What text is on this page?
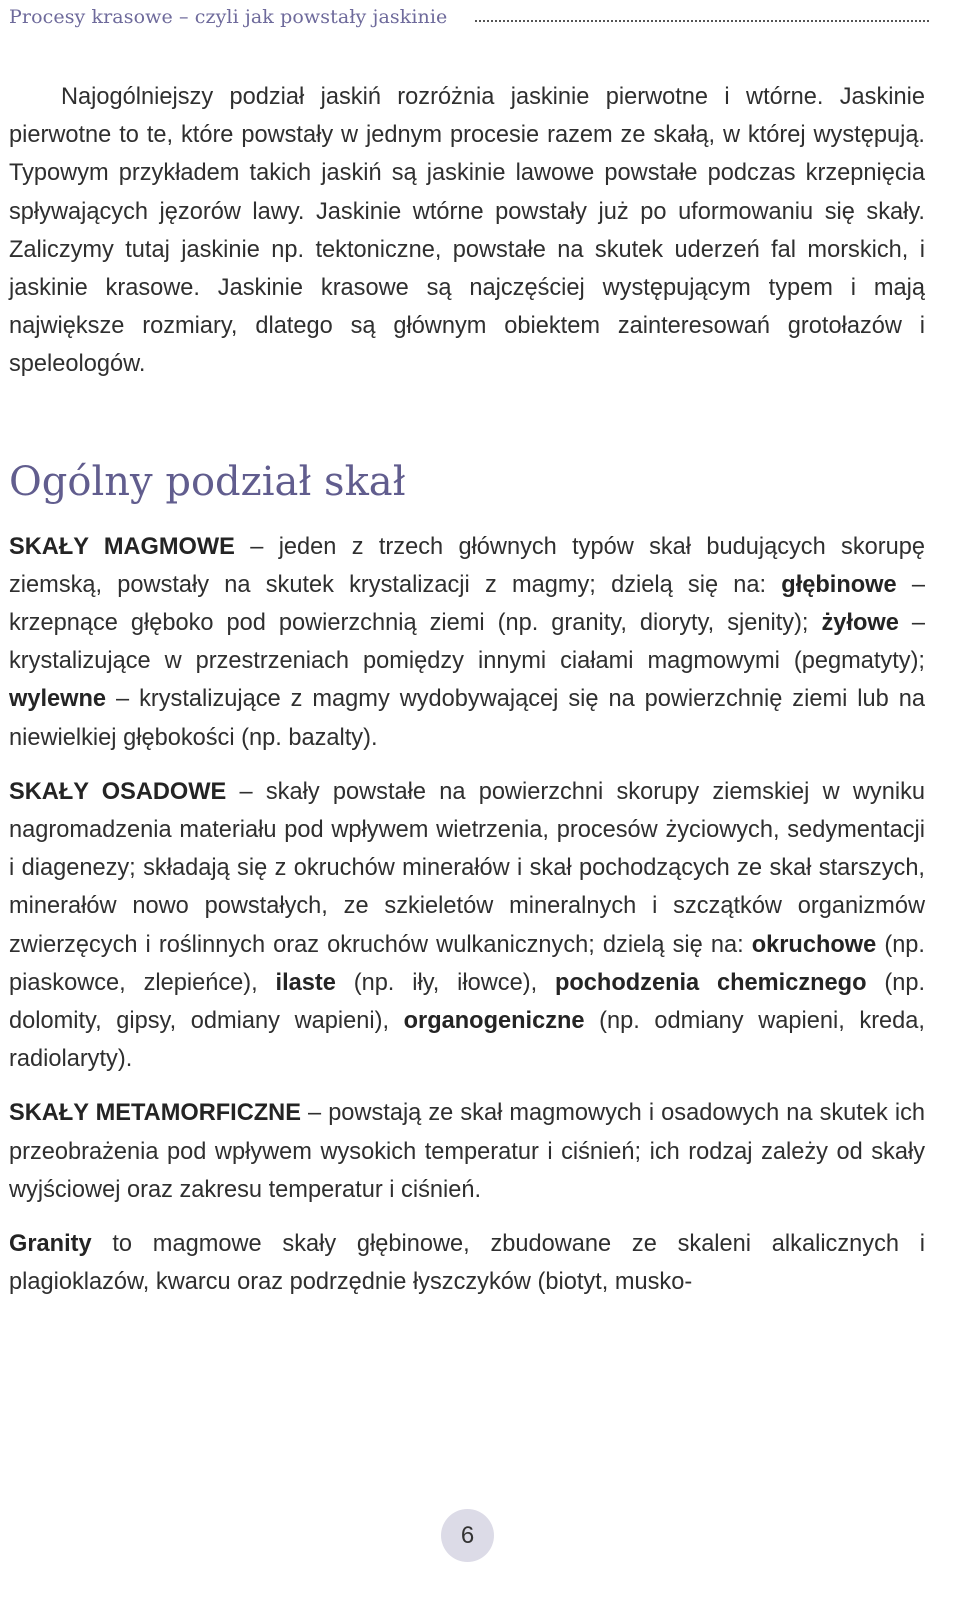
Procesy krasowe – czyli jak powstały jaskinie

Najogólniejszy podział jaskiń rozróżnia jaskinie pierwotne i wtórne. Jaskinie pierwotne to te, które powstały w jednym procesie razem ze skałą, w której występują. Typowym przykładem takich jaskiń są jaskinie lawowe powstałe podczas krzepnięcia spływających jęzorów lawy. Jaskinie wtórne powstały już po uformowaniu się skały. Zaliczymy tutaj jaskinie np. tektoniczne, powstałe na skutek uderzeń fal morskich, i jaskinie krasowe. Jaskinie krasowe są najczęściej występującym typem i mają największe rozmiary, dlatego są głównym obiektem zainteresowań grotołazów i speleologów.

Ogólny podział skał

SKAŁY MAGMOWE – jeden z trzech głównych typów skał budujących skorupę ziemską, powstały na skutek krystalizacji z magmy; dzielą się na: głębinowe – krzepnące głęboko pod powierzchnią ziemi (np. granity, dioryty, sjenity); żyłowe – krystalizujące w przestrzeniach pomiędzy innymi ciałami magmowymi (pegmatyty); wylewne – krystalizujące z magmy wydobywającej się na powierzchnię ziemi lub na niewielkiej głębokości (np. bazalty).

SKAŁY OSADOWE – skały powstałe na powierzchni skorupy ziemskiej w wyniku nagromadzenia materiału pod wpływem wietrzenia, procesów życiowych, sedymentacji i diagenezy; składają się z okruchów minerałów i skał pochodzących ze skał starszych, minerałów nowo powstałych, ze szkieletów mineralnych i szczątków organizmów zwierzęcych i roślinnych oraz okruchów wulkanicznych; dzielą się na: okruchowe (np. piaskowce, zlepieńce), ilaste (np. iły, iłowce), pochodzenia chemicznego (np. dolomity, gipsy, odmiany wapieni), organogeniczne (np. odmiany wapieni, kreda, radiolaryty).

SKAŁY METAMORFICZNE – powstają ze skał magmowych i osadowych na skutek ich przeobrażenia pod wpływem wysokich temperatur i ciśnień; ich rodzaj zależy od skały wyjściowej oraz zakresu temperatur i ciśnień.

Granity to magmowe skały głębinowe, zbudowane ze skaleni alkalicznych i plagioklazów, kwarcu oraz podrzędnie łyszczyków (biotyt, musko-

6
